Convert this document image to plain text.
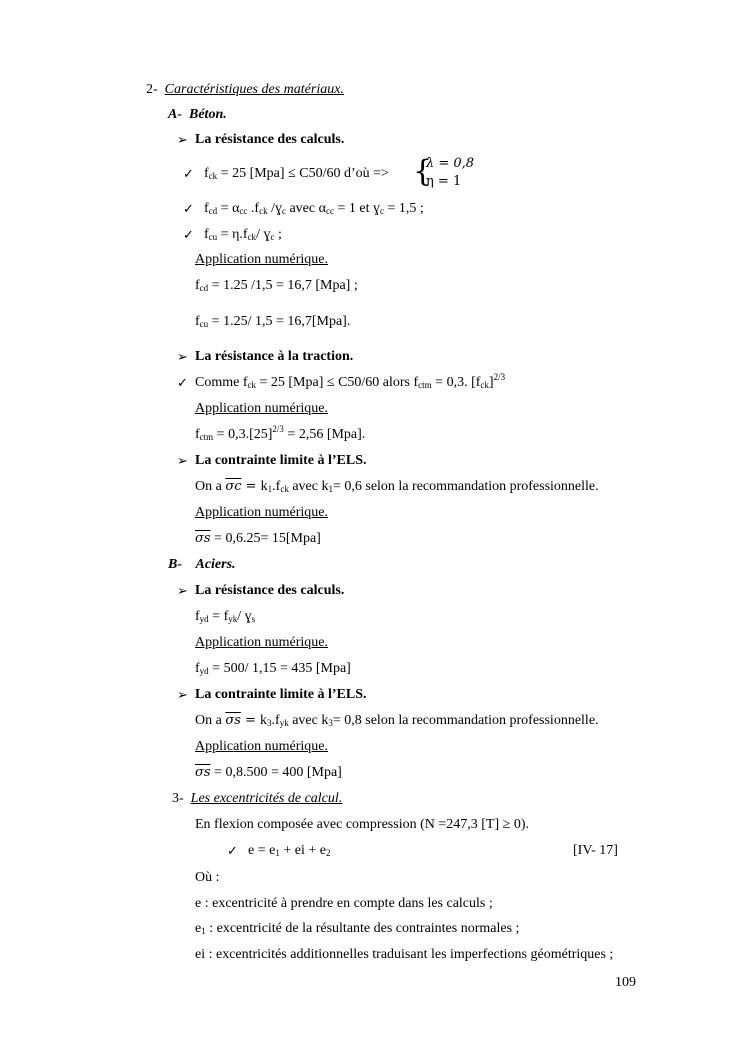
2- Caractéristiques des matériaux.
A- Béton.
➢ La résistance des calculs.
✓ $f_{ck} = 25$ [Mpa] ≤ C50/60 d’où => {
λ = 0,8
η = 1
✓ $f_{cd} = \alpha_{cc}$ $.f_{ck}$ /ɣ$_c$ avec $\alpha_{cc} = 1$ et ɣ$_c$ = 1,5 ;
✓ $f_{cu} = \eta.f_{ck}/$ ɣ$_c$ ;
Application numérique.
$f_{cd} = 1.25$ /1,5 = 16,7 [Mpa] ;
$f_{cu} = 1.25/$ 1,5 = 16,7[Mpa].
➢ La résistance à la traction.
✓ Comme $f_{ck} = 25$ [Mpa] ≤ C50/60 alors $f_{ctm} = 0,3$. $[f_{ck}]^{2/3}$
Application numérique.
$f_{ctm} = 0,3.[25]^{2/3} = 2,56$ [Mpa].
➢ La contrainte limite à l’ELS.
On a $\overline{\sigma c} = k_1.f_{ck}$ avec $k_1= 0,6$ selon la recommandation professionnelle.
Application numérique.
$\overline{\sigma s} = 0,6.25= 15[Mpa]$
B- Aciers.
➢ La résistance des calculs.
$f_{yd} = f_{yk}/$ ɣ$_s$
Application numérique.
$f_{yd} = 500/$ 1,15 = 435 [Mpa]
➢ La contrainte limite à l’ELS.
On a $\overline{\sigma s} = k_3.f_{yk}$ avec $k_3= 0,8$ selon la recommandation professionnelle.
Application numérique.
$\overline{\sigma s} = 0,8.500 = 400$ [Mpa]
3- Les excentricités de calcul.
En flexion composée avec compression (N =247,3 [T] ≥ 0).
✓ $e = e_1$ + ei + $e_2$	[IV- 17]
Où :
e : excentricité à prendre en compte dans les calculs ;
$e_1$ : excentricité de la résultante des contraintes normales ;
ei : excentricités additionnelles traduisant les imperfections géométriques ;
109
